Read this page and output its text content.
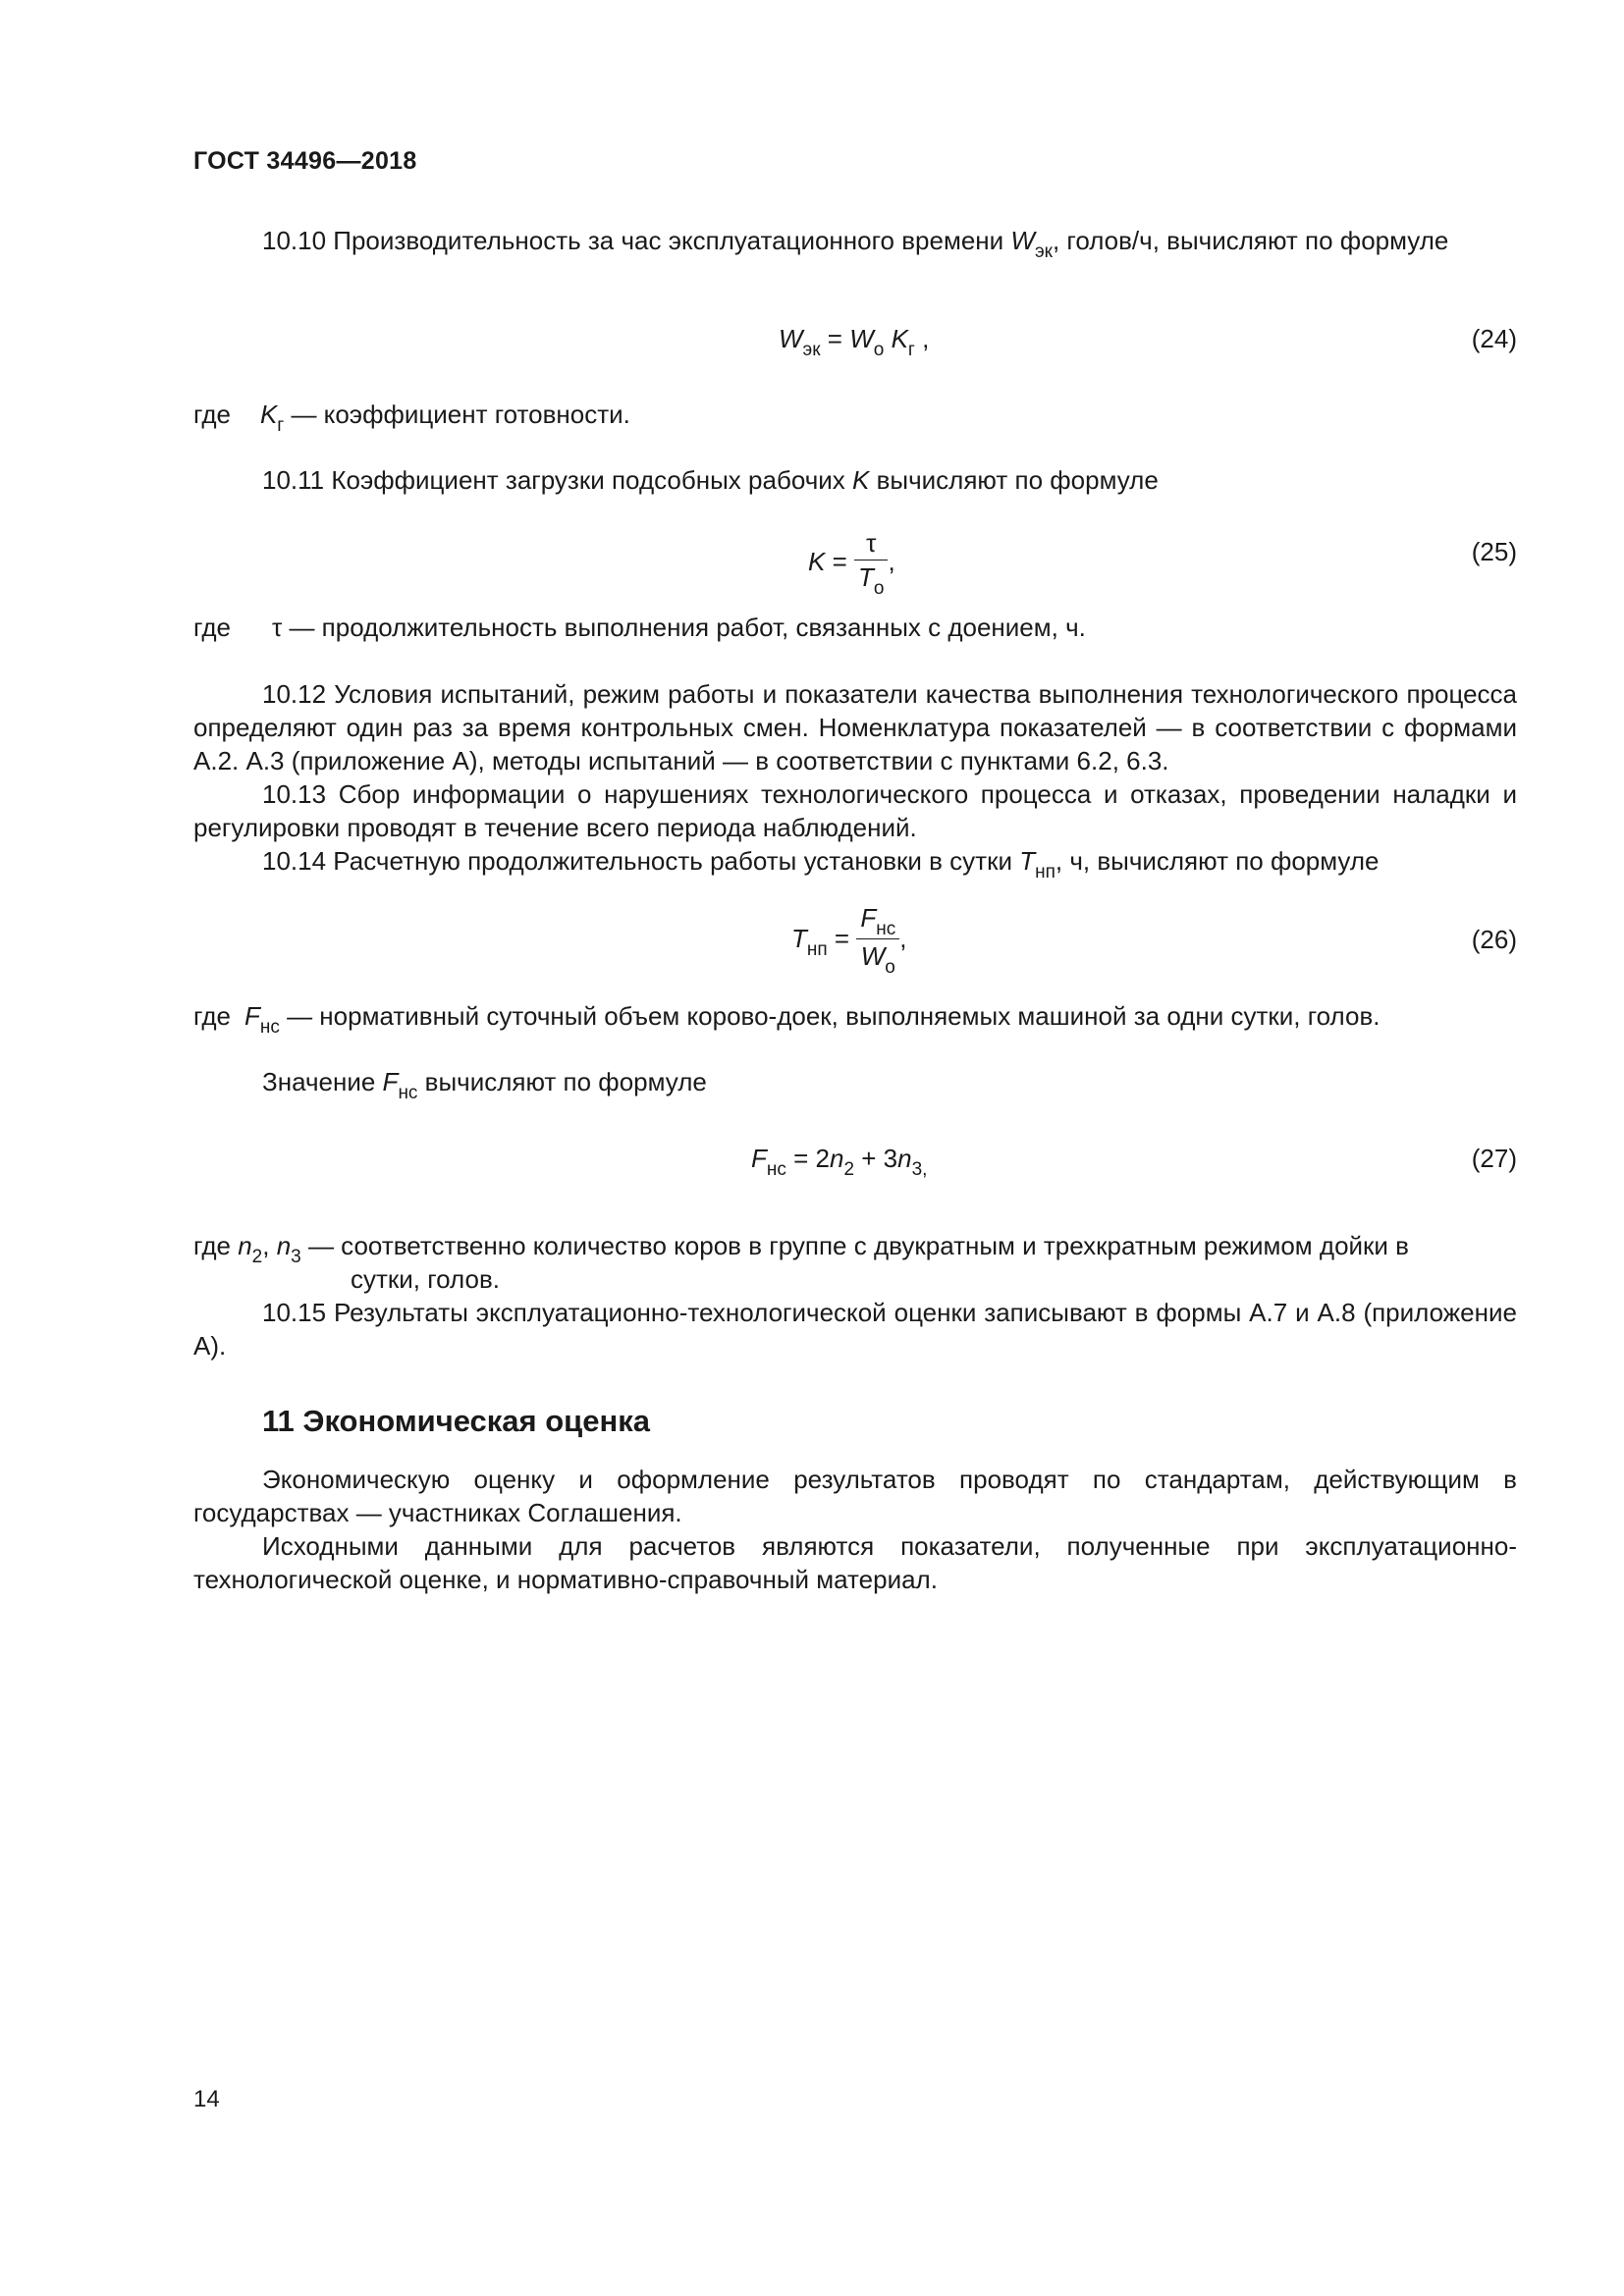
ГОСТ 34496—2018
10.10 Производительность за час эксплуатационного времени $W_{эк}$, голов/ч, вычисляют по формуле
$W_{эк} = W_о$ $K_г$ ,	(24)
где $K_г$ — коэффициент готовности.
10.11 Коэффициент загрузки подсобных рабочих K вычисляют по формуле
$K = \frac{\tau}{T_о}$ ,	(25)
где τ — продолжительность выполнения работ, связанных с доением, ч.
10.12 Условия испытаний, режим работы и показатели качества выполнения технологического процесса определяют один раз за время контрольных смен. Номенклатура показателей — в соответствии с формами А.2. А.3 (приложение А), методы испытаний — в соответствии с пунктами 6.2, 6.3.
10.13 Сбор информации о нарушениях технологического процесса и отказах, проведении наладки и регулировки проводят в течение всего периода наблюдений.
10.14 Расчетную продолжительность работы установки в сутки $T_{нп}$, ч, вычисляют по формуле
$T_{нп} = \frac{F_{нс}}{W_о}$ ,	(26)
где $F_{нс}$ — нормативный суточный объем корово-доек, выполняемых машиной за одни сутки, голов.
Значение $F_{нс}$ вычисляют по формуле
$F_{нс} = 2n_2 + 3n_{3,}$	(27)
где $n_2$, $n_3$ — соответственно количество коров в группе с двукратным и трехкратным режимом дойки в
сутки, голов.
10.15 Результаты эксплуатационно-технологической оценки записывают в формы А.7 и А.8 (приложение А).
11 Экономическая оценка
Экономическую оценку и оформление результатов проводят по стандартам, действующим в государствах — участниках Соглашения.
Исходными данными для расчетов являются показатели, полученные при эксплуатационно-технологической оценке, и нормативно-справочный материал.
14
